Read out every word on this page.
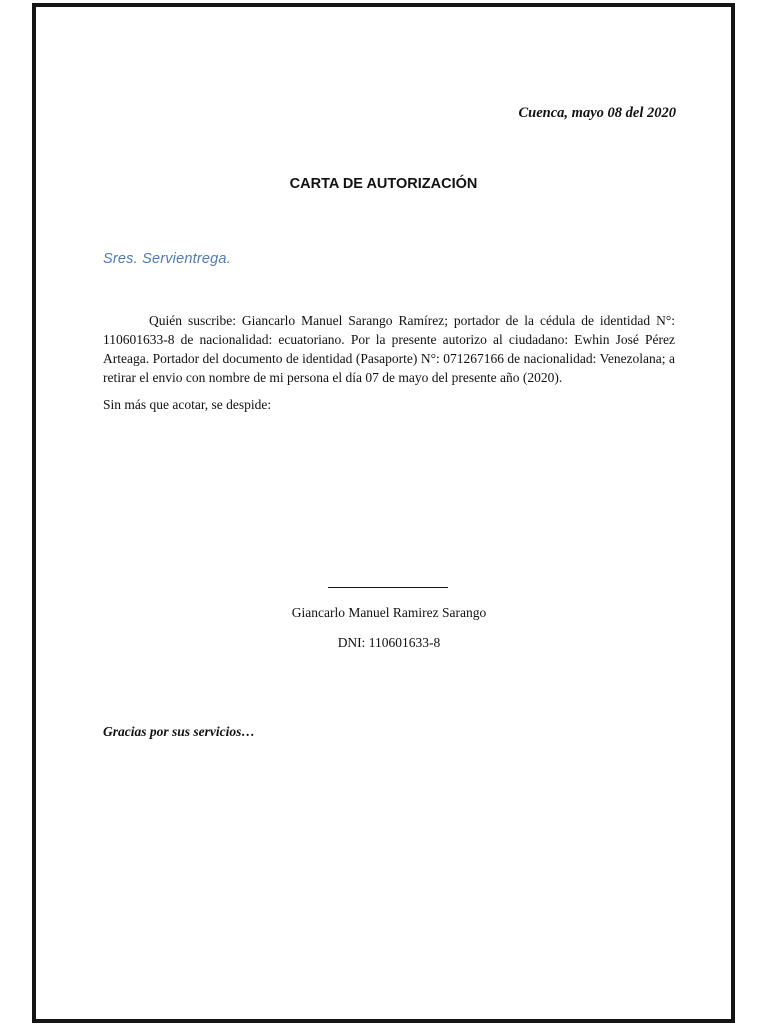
Cuenca, mayo 08 del 2020
CARTA DE AUTORIZACIÓN
Sres. Servientrega.

Quién suscribe: Giancarlo Manuel Sarango Ramírez; portador de la cédula de identidad N°: 110601633-8 de nacionalidad: ecuatoriano. Por la presente autorizo al ciudadano: Ewhin José Pérez Arteaga. Portador del documento de identidad (Pasaporte) N°: 071267166 de nacionalidad: Venezolana; a retirar el envio con nombre de mi persona el día 07 de mayo del presente año (2020).

Sin más que acotar, se despide:
Giancarlo Manuel Ramirez Sarango
DNI: 110601633-8
Gracias por sus servicios…
